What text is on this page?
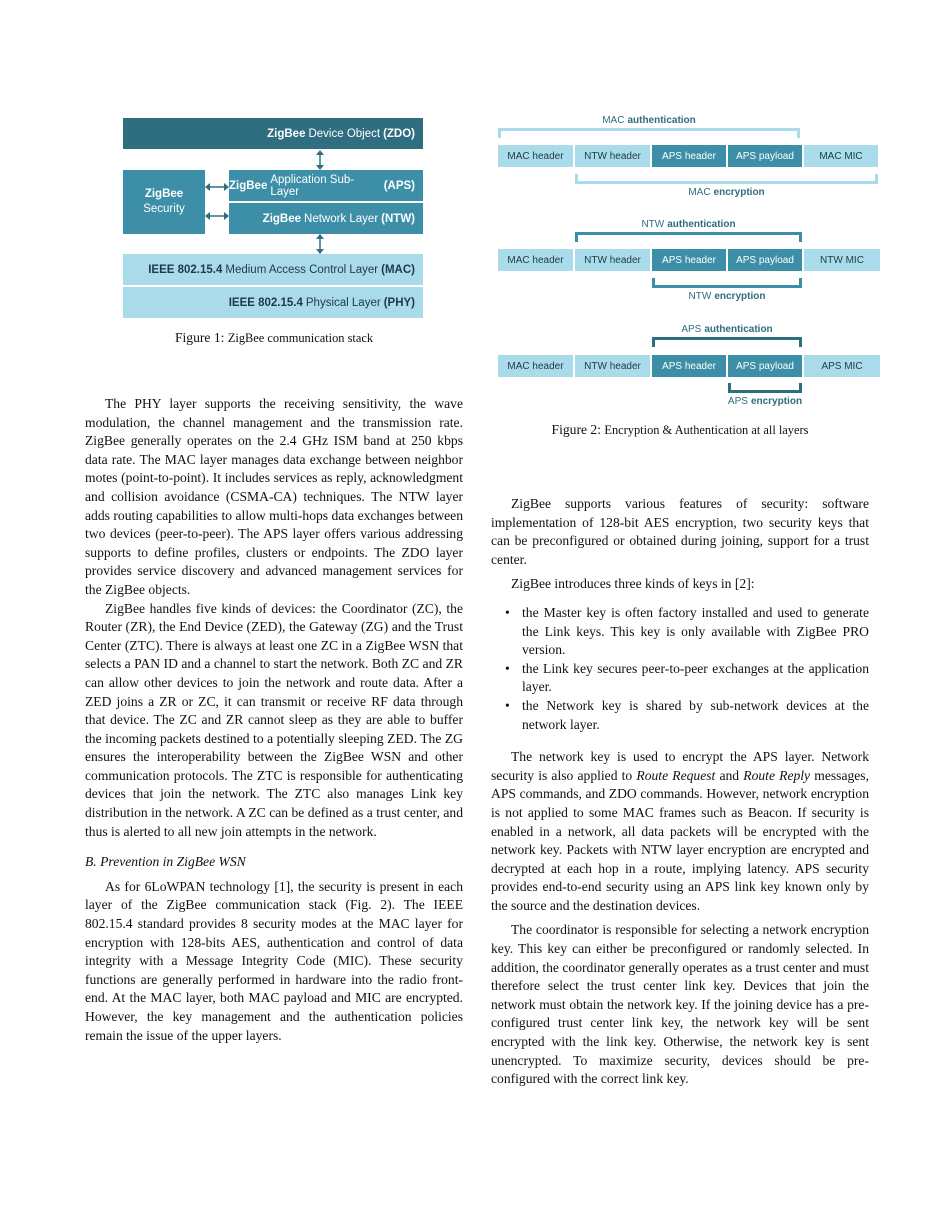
ZigBee Device Object (ZDO)
ZigBee
Security
ZigBee Application Sub-Layer	(APS)
ZigBee Network Layer (NTW)
IEEE 802.15.4 Medium Access Control Layer (MAC)
IEEE 802.15.4 Physical Layer (PHY)
Figure 1: ZigBee communication stack
MAC authentication
MAC header	NTW header	APS header	APS payload	MAC MIC
MAC encryption
NTW authentication
MAC header	NTW header	APS header	APS payload	NTW MIC
NTW encryption
APS authentication
MAC header	NTW header	APS header	APS payload	APS MIC
APS encryption
Figure 2: Encryption & Authentication at all layers

The PHY layer supports the receiving sensitivity, the wave modulation, the channel management and the transmission rate. ZigBee generally operates on the 2.4 GHz ISM band at 250 kbps data rate. The MAC layer manages data exchange between neighbor motes (point-to-point). It includes services as reply, acknowledgment and collision avoidance (CSMA-CA) techniques. The NTW layer adds routing capabilities to allow multi-hops data exchanges between two devices (peer-to-peer). The APS layer offers various addressing supports to define profiles, clusters or endpoints. The ZDO layer provides service discovery and advanced management services for the ZigBee objects.

ZigBee handles five kinds of devices: the Coordinator (ZC), the Router (ZR), the End Device (ZED), the Gateway (ZG) and the Trust Center (ZTC). There is always at least one ZC in a ZigBee WSN that selects a PAN ID and a channel to start the network. Both ZC and ZR can allow other devices to join the network and route data. After a ZED joins a ZR or ZC, it can transmit or receive RF data through that device. The ZC and ZR cannot sleep as they are able to buffer the incoming packets destined to a potentially sleeping ZED. The ZG ensures the interoperability between the ZigBee WSN and other communication protocols. The ZTC is responsible for authenticating devices that join the network. The ZTC also manages Link key distribution in the network. A ZC can be defined as a trust center, and thus is alerted to all new join attempts in the network.

B. Prevention in ZigBee WSN

As for 6LoWPAN technology [1], the security is present in each layer of the ZigBee communication stack (Fig. 2). The IEEE 802.15.4 standard provides 8 security modes at the MAC layer for encryption with 128-bits AES, authentication and control of data integrity with a Message Integrity Code (MIC). These security functions are generally performed in hardware into the radio front-end. At the MAC layer, both MAC payload and MIC are encrypted. However, the key management and the authentication policies remain the issue of the upper layers.

ZigBee supports various features of security: software implementation of 128-bit AES encryption, two security keys that can be preconfigured or obtained during joining, support for a trust center.

ZigBee introduces three kinds of keys in [2]:

• the Master key is often factory installed and used to generate the Link keys. This key is only available with ZigBee PRO version.
• the Link key secures peer-to-peer exchanges at the application layer.
• the Network key is shared by sub-network devices at the network layer.

The network key is used to encrypt the APS layer. Network security is also applied to Route Request and Route Reply messages, APS commands, and ZDO commands. However, network encryption is not applied to some MAC frames such as Beacon. If security is enabled in a network, all data packets will be encrypted with the network key. Packets with NTW layer encryption are encrypted and decrypted at each hop in a route, implying latency. APS security provides end-to-end security using an APS link key known only by the source and the destination devices.

The coordinator is responsible for selecting a network encryption key. This key can either be preconfigured or randomly selected. In addition, the coordinator generally operates as a trust center and must therefore select the trust center link key. Devices that join the network must obtain the network key. If the joining device has a pre-configured trust center link key, the network key will be sent encrypted with the link key. Otherwise, the network key is sent unencrypted. To maximize security, devices should be pre-configured with the correct link key.
